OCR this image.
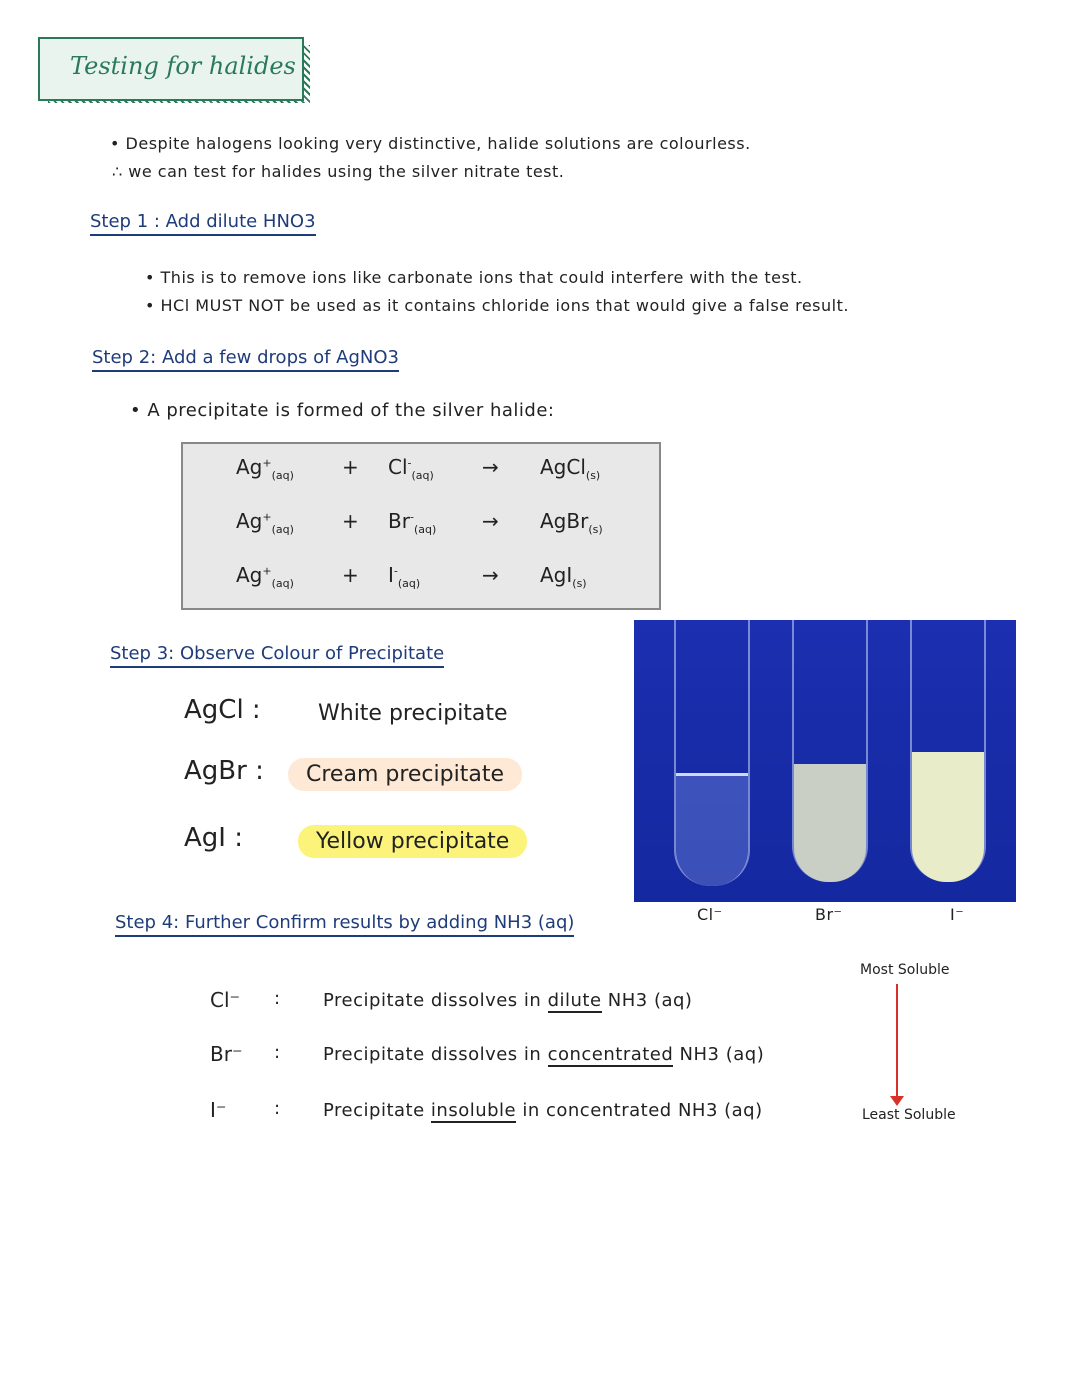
Testing for halides
• Despite halogens looking very distinctive, halide solutions are colourless.
∴ we can test for halides using the silver nitrate test.
Step 1 : Add dilute HNO3
• This is to remove ions like carbonate ions that could interfere with the test.
• HCl MUST NOT be used as it contains chloride ions that would give a false result.
Step 2: Add a few drops of AgNO3
• A precipitate is formed of the silver halide:
Step 3: Observe Colour of Precipitate
Cl⁻	Br⁻	I⁻
Step 4: Further Confirm results by adding NH3 (aq)
Most Soluble
Least Soluble
$Ag^+_{(aq)} + Cl^-_{(aq)}$ → AgCl$_{(s)}$
$Ag^+_{(aq)} + Br^-_{(aq)}$ → AgBr$_{(s)}$
$Ag^+_{(aq)} + I^-_{(aq)}$	→ AgI$_{(s)}$
AgCl :	White precipitate
AgBr :	Cream precipitate
AgI :	Yellow precipitate
Cl⁻ : Precipitate dissolves in dilute NH3 (aq)
Br⁻ : Precipitate dissolves in concentrated NH3 (aq)
I⁻	: Precipitate insoluble in concentrated NH3 (aq)
